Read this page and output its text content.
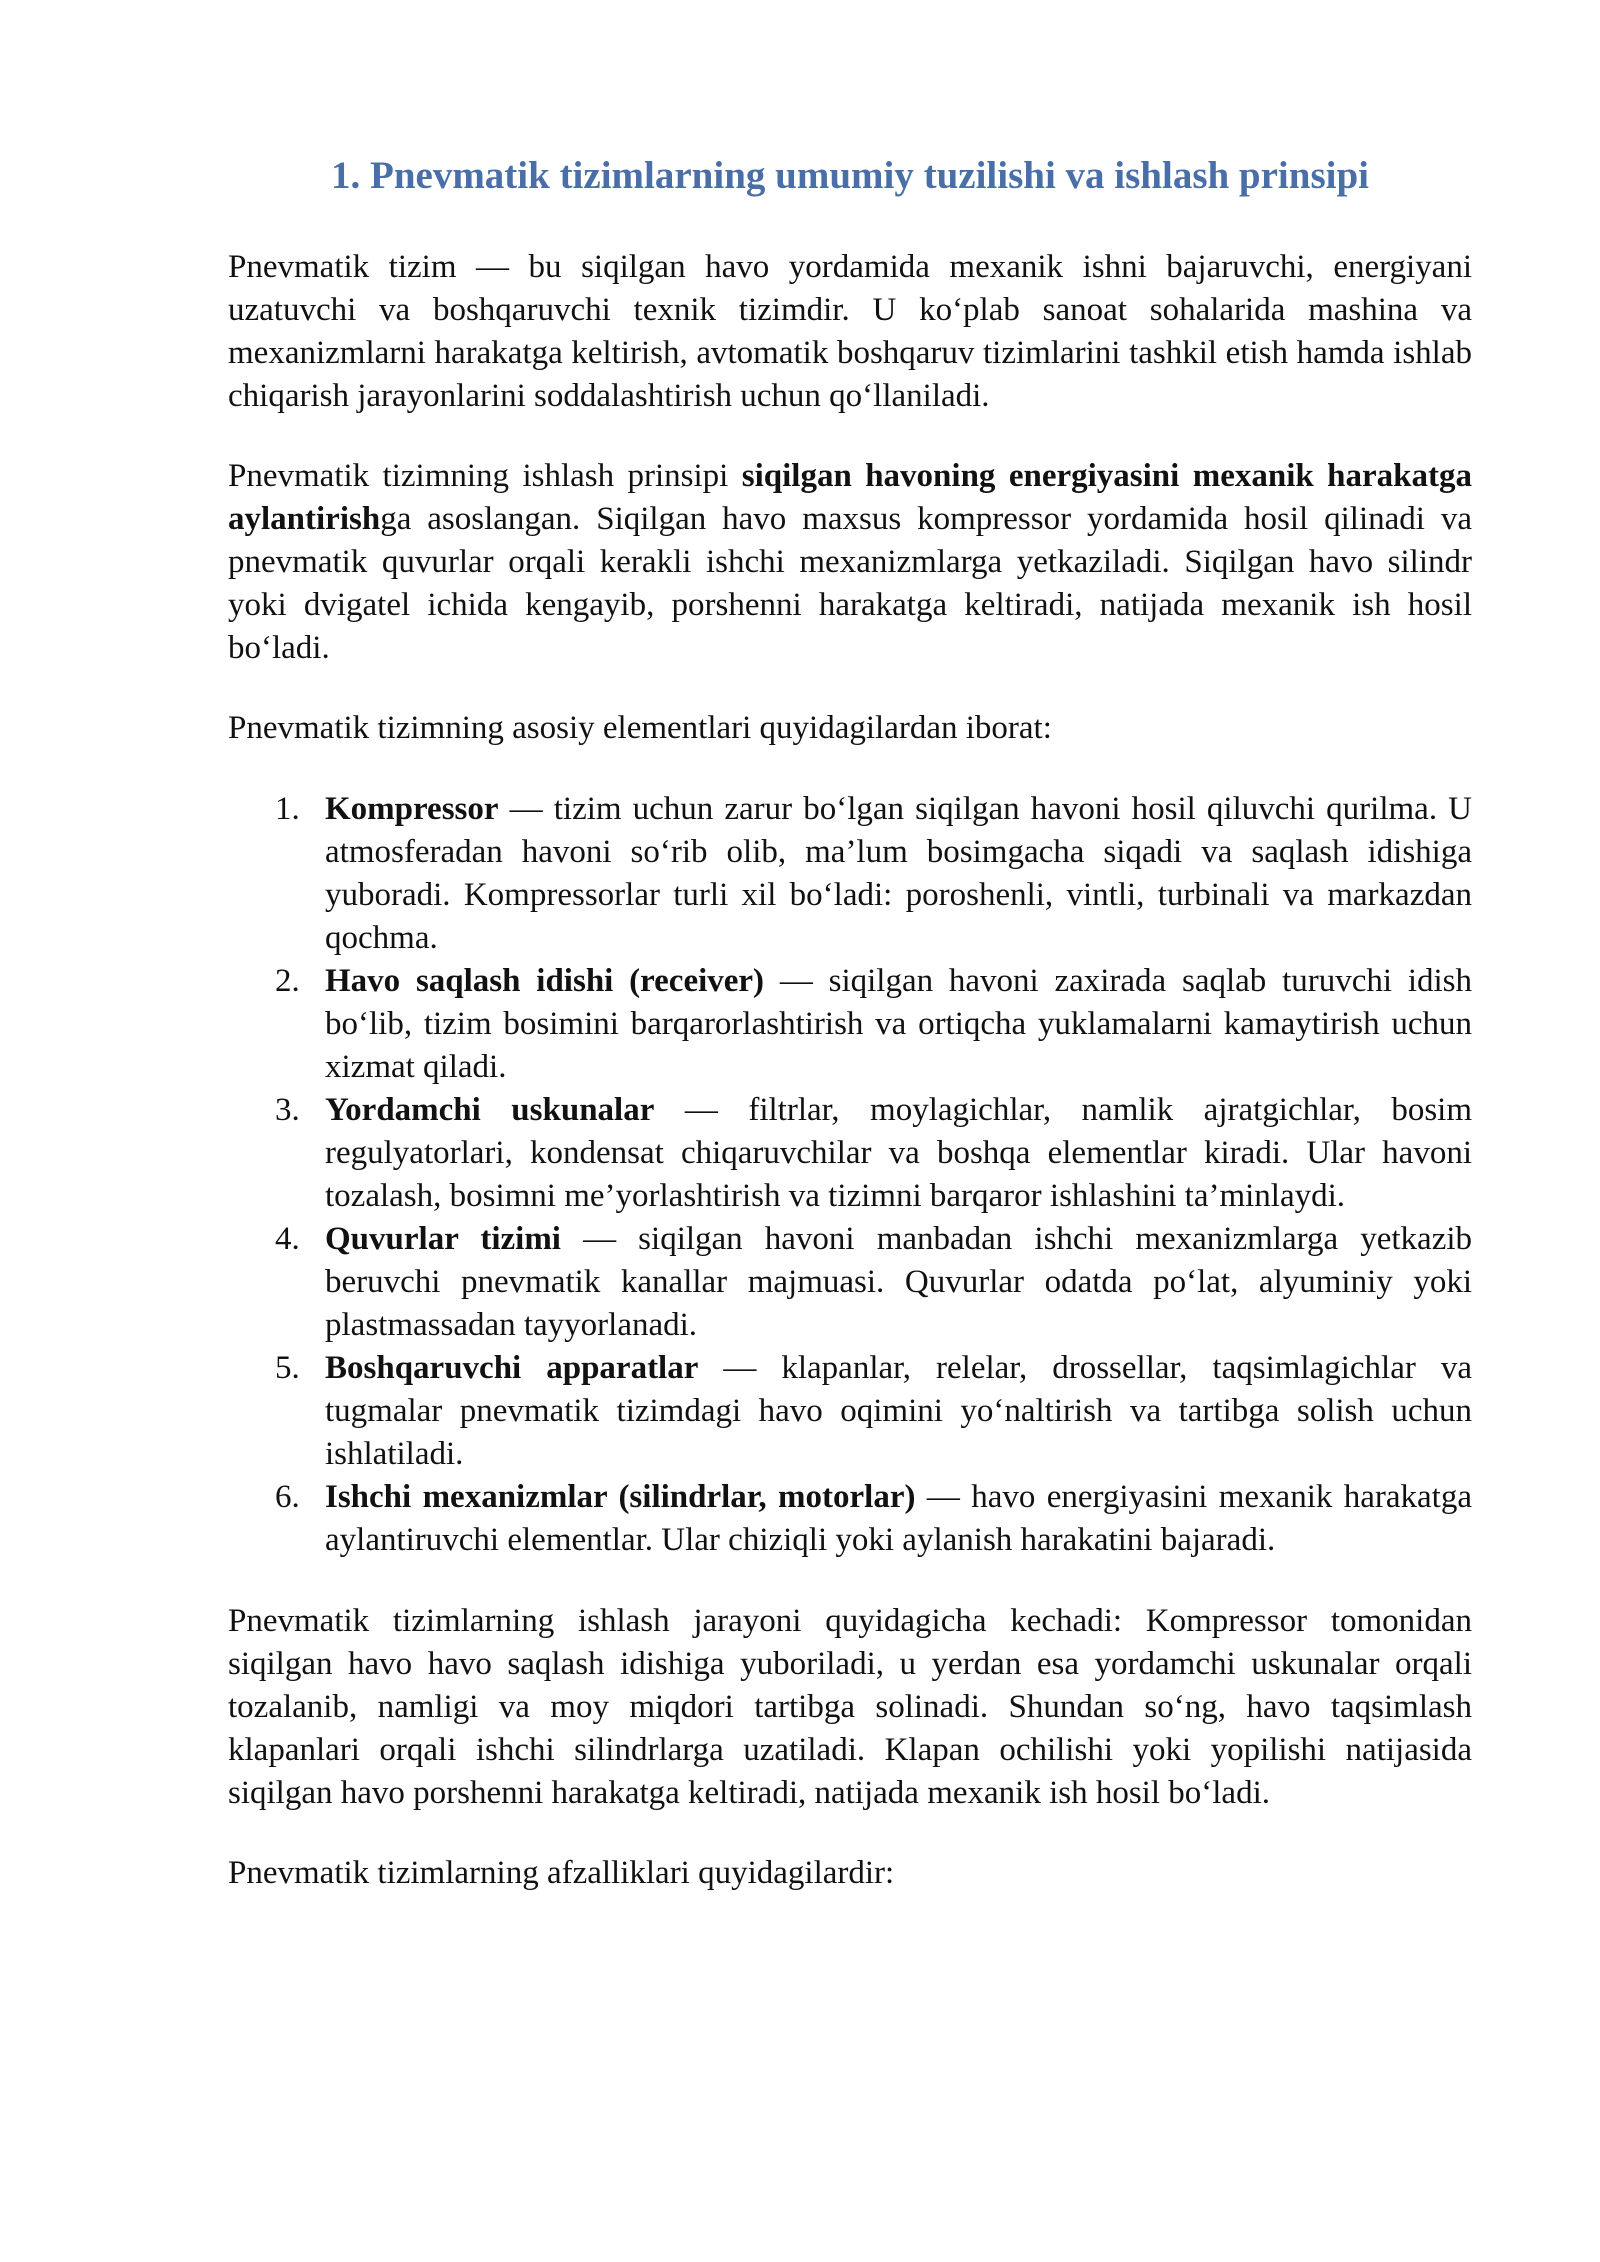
1. Pnevmatik tizimlarning umumiy tuzilishi va ishlash prinsipi

Pnevmatik tizim — bu siqilgan havo yordamida mexanik ishni bajaruvchi, energiyani uzatuvchi va boshqaruvchi texnik tizimdir. U ko‘plab sanoat sohalarida mashina va mexanizmlarni harakatga keltirish, avtomatik boshqaruv tizimlarini tashkil etish hamda ishlab chiqarish jarayonlarini soddalashtirish uchun qo‘llaniladi.

Pnevmatik tizimning ishlash prinsipi siqilgan havoning energiyasini mexanik harakatga aylantirishga asoslangan. Siqilgan havo maxsus kompressor yordamida hosil qilinadi va pnevmatik quvurlar orqali kerakli ishchi mexanizmlarga yetkaziladi. Siqilgan havo silindr yoki dvigatel ichida kengayib, porshenni harakatga keltiradi, natijada mexanik ish hosil bo‘ladi.

Pnevmatik tizimning asosiy elementlari quyidagilardan iborat:

1. Kompressor — tizim uchun zarur bo‘lgan siqilgan havoni hosil qiluvchi qurilma. U atmosferadan havoni so‘rib olib, ma’lum bosimgacha siqadi va saqlash idishiga yuboradi. Kompressorlar turli xil bo‘ladi: poroshenli, vintli, turbinali va markazdan qochma.
2. Havo saqlash idishi (receiver) — siqilgan havoni zaxirada saqlab turuvchi idish bo‘lib, tizim bosimini barqarorlashtirish va ortiqcha yuklamalarni kamaytirish uchun xizmat qiladi.
3. Yordamchi uskunalar — filtrlar, moylagichlar, namlik ajratgichlar, bosim regulyatorlari, kondensat chiqaruvchilar va boshqa elementlar kiradi. Ular havoni tozalash, bosimni me’yorlashtirish va tizimni barqaror ishlashini ta’minlaydi.
4. Quvurlar tizimi — siqilgan havoni manbadan ishchi mexanizmlarga yetkazib beruvchi pnevmatik kanallar majmuasi. Quvurlar odatda po‘lat, alyuminiy yoki plastmassadan tayyorlanadi.
5. Boshqaruvchi apparatlar — klapanlar, relelar, drossellar, taqsimlagichlar va tugmalar pnevmatik tizimdagi havo oqimini yo‘naltirish va tartibga solish uchun ishlatiladi.
6. Ishchi mexanizmlar (silindrlar, motorlar) — havo energiyasini mexanik harakatga aylantiruvchi elementlar. Ular chiziqli yoki aylanish harakatini bajaradi.

Pnevmatik tizimlarning ishlash jarayoni quyidagicha kechadi: Kompressor tomonidan siqilgan havo havo saqlash idishiga yuboriladi, u yerdan esa yordamchi uskunalar orqali tozalanib, namligi va moy miqdori tartibga solinadi. Shundan so‘ng, havo taqsimlash klapanlari orqali ishchi silindrlarga uzatiladi. Klapan ochilishi yoki yopilishi natijasida siqilgan havo porshenni harakatga keltiradi, natijada mexanik ish hosil bo‘ladi.

Pnevmatik tizimlarning afzalliklari quyidagilardir:
